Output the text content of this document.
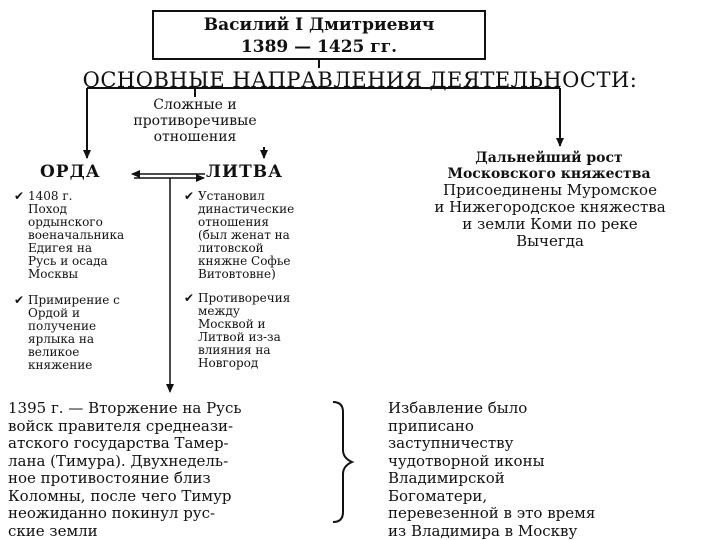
Василий I Дмитриевич
1389 — 1425 гг.
ОСНОВНЫЕ НАПРАВЛЕНИЯ ДЕЯТЕЛЬНОСТИ:
Сложные и
противоречивые
отношения
ОРДА	ЛИТВА
Дальнейший рост
Московского княжества
Присоединены Муромское
и Нижегородское княжества
и земли Коми по реке
Вычегда
✔ 1408 г.
Поход
ордынского
военачальника
Едигея на
Русь и осада
Москвы
✔ Примирение с
Ордой и
получение
ярлыка на
великое
княжение
✔ Установил
династические
отношения
(был женат на
литовской
княжне Софье
Витовтовне)
✔ Противоречия
между
Москвой и
Литвой из-за
влияния на
Новгород
1395 г. — Вторжение на Русь
войск правителя среднеази-
атского государства Тамер-
лана (Тимура). Двухнедель-
ное противостояние близ
Коломны, после чего Тимур
неожиданно покинул рус-
ские земли
Избавление было
приписано
заступничеству
чудотворной иконы
Владимирской
Богоматери,
перевезенной в это время
из Владимира в Москву
